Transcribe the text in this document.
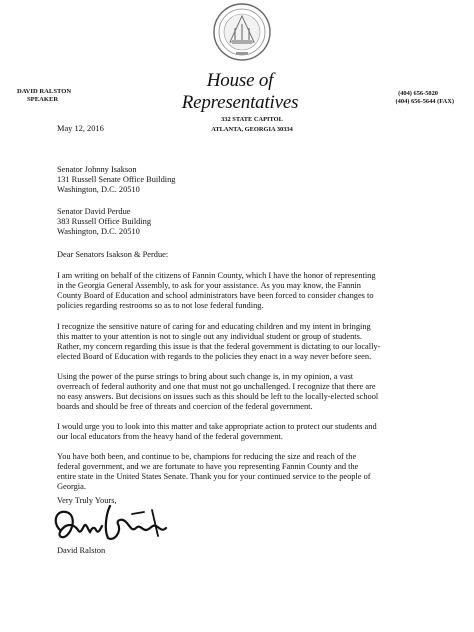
DAVID RALSTON
SPEAKER
House of Representatives
332 STATE CAPITOL
ATLANTA, GEORGIA 30334
(404) 656-5020
(404) 656-5644 (FAX)
May 12, 2016
Senator Johnny Isakson
131 Russell Senate Office Building
Washington, D.C. 20510
Senator David Perdue
383 Russell Office Building
Washington, D.C. 20510
Dear Senators Isakson & Perdue:
I am writing on behalf of the citizens of Fannin County, which I have the honor of representing
in the Georgia General Assembly, to ask for your assistance. As you may know, the Fannin
County Board of Education and school administrators have been forced to consider changes to
policies regarding restrooms so as to not lose federal funding.
I recognize the sensitive nature of caring for and educating children and my intent in bringing
this matter to your attention is not to single out any individual student or group of students.
Rather, my concern regarding this issue is that the federal government is dictating to our locally-
elected Board of Education with regards to the policies they enact in a way never before seen.
Using the power of the purse strings to bring about such change is, in my opinion, a vast
overreach of federal authority and one that must not go unchallenged. I recognize that there are
no easy answers. But decisions on issues such as this should be left to the locally-elected school
boards and should be free of threats and coercion of the federal government.
I would urge you to look into this matter and take appropriate action to protect our students and
our local educators from the heavy hand of the federal government.
You have both been, and continue to be, champions for reducing the size and reach of the
federal government, and we are fortunate to have you representing Fannin County and the
entire state in the United States Senate. Thank you for your continued service to the people of
Georgia.
Very Truly Yours,
David Ralston
